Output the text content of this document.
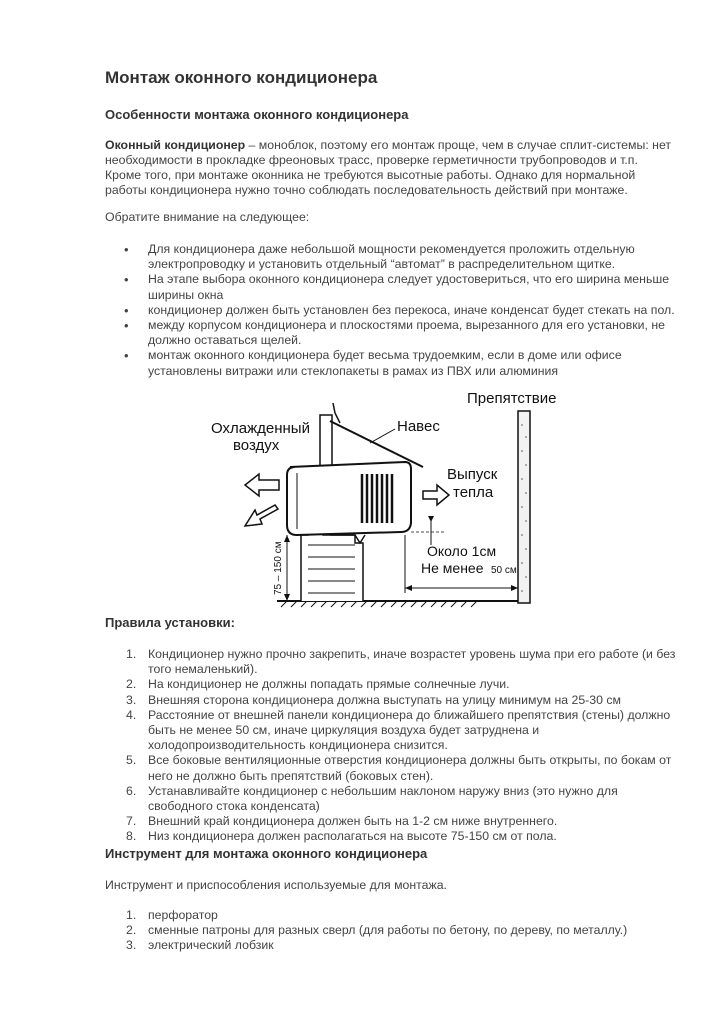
Монтаж оконного кондиционера
Особенности монтажа оконного кондиционера
Оконный кондиционер – моноблок, поэтому его монтаж проще, чем в случае сплит-системы: нет
необходимости в прокладке фреоновых трасс, проверке герметичности трубопроводов и т.п.
Кроме того, при монтаже оконника не требуются высотные работы. Однако для нормальной
работы кондиционера нужно точно соблюдать последовательность действий при монтаже.
Обратите внимание на следующее:
• Для кондиционера даже небольшой мощности рекомендуется проложить отдельную
электропроводку и установить отдельный “автомат” в распределительном щитке.
• На этапе выбора оконного кондиционера следует удостовериться, что его ширина меньше
ширины окна
• кондиционер должен быть установлен без перекоса, иначе конденсат будет стекать на пол.
• между корпусом кондиционера и плоскостями проема, вырезанного для его установки, не
должно оставаться щелей.
• монтаж оконного кондиционера будет весьма трудоемким, если в доме или офисе
установлены витражи или стеклопакеты в рамах из ПВХ или алюминия
Охлажденный
воздух
Навес
Препятствие
Выпуск
тепла
Около 1см
Не менее 50 см
75 – 150 см
Правила установки:
1. Кондиционер нужно прочно закрепить, иначе возрастет уровень шума при его работе (и без
того немаленький).
2. На кондиционер не должны попадать прямые солнечные лучи.
3. Внешняя сторона кондиционера должна выступать на улицу минимум на 25-30 см
4. Расстояние от внешней панели кондиционера до ближайшего препятствия (стены) должно
быть не менее 50 см, иначе циркуляция воздуха будет затруднена и
холодопроизводительность кондиционера снизится.
5. Все боковые вентиляционные отверстия кондиционера должны быть открыты, по бокам от
него не должно быть препятствий (боковых стен).
6. Устанавливайте кондиционер с небольшим наклоном наружу вниз (это нужно для
свободного стока конденсата)
7. Внешний край кондиционера должен быть на 1-2 см ниже внутреннего.
8. Низ кондиционера должен располагаться на высоте 75-150 см от пола.
Инструмент для монтажа оконного кондиционера
Инструмент и приспособления используемые для монтажа.
1. перфоратор
2. сменные патроны для разных сверл (для работы по бетону, по дереву, по металлу.)
3. электрический лобзик
